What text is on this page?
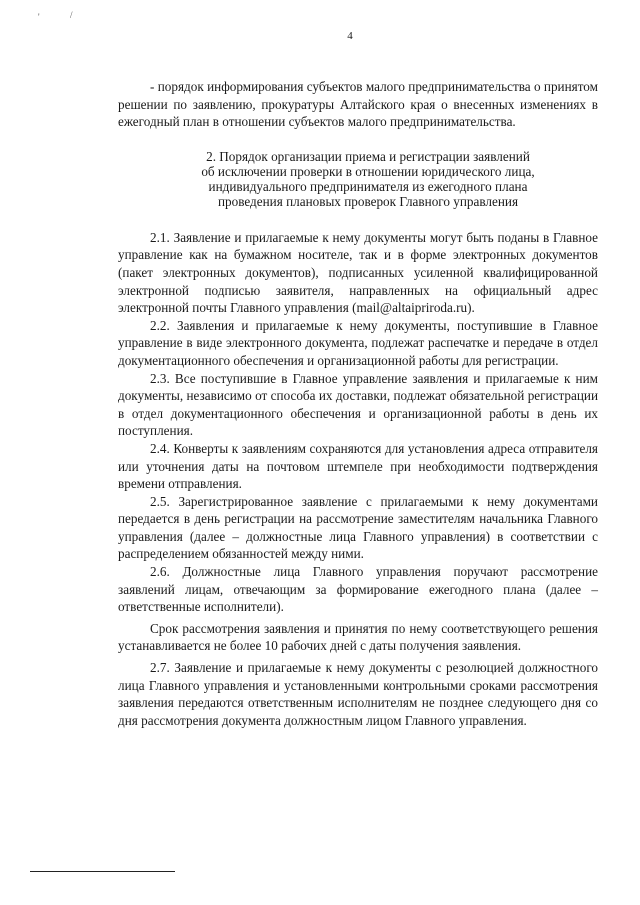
'	/
4

- порядок информирования субъектов малого предпринимательства о принятом решении по заявлению, прокуратуры Алтайского края о внесенных изменениях в ежегодный план в отношении субъектов малого предпринимательства.

2. Порядок организации приема и регистрации заявлений
об исключении проверки в отношении юридического лица,
индивидуального предпринимателя из ежегодного плана
проведения плановых проверок Главного управления

2.1. Заявление и прилагаемые к нему документы могут быть поданы в Главное управление как на бумажном носителе, так и в форме электронных документов (пакет электронных документов), подписанных усиленной квалифицированной электронной подписью заявителя, направленных на официальный адрес электронной почты Главного управления (mail@altaipriroda.ru).

2.2. Заявления и прилагаемые к нему документы, поступившие в Главное управление в виде электронного документа, подлежат распечатке и передаче в отдел документационного обеспечения и организационной работы для регистрации.

2.3. Все поступившие в Главное управление заявления и прилагаемые к ним документы, независимо от способа их доставки, подлежат обязательной регистрации в отдел документационного обеспечения и организационной работы в день их поступления.

2.4. Конверты к заявлениям сохраняются для установления адреса отправителя или уточнения даты на почтовом штемпеле при необходимости подтверждения времени отправления.

2.5. Зарегистрированное заявление с прилагаемыми к нему документами передается в день регистрации на рассмотрение заместителям начальника Главного управления (далее – должностные лица Главного управления) в соответствии с распределением обязанностей между ними.

2.6. Должностные лица Главного управления поручают рассмотрение заявлений лицам, отвечающим за формирование ежегодного плана (далее – ответственные исполнители).

Срок рассмотрения заявления и принятия по нему соответствующего решения устанавливается не более 10 рабочих дней с даты получения заявления.

2.7. Заявление и прилагаемые к нему документы с резолюцией должностного лица Главного управления и установленными контрольными сроками рассмотрения заявления передаются ответственным исполнителям не позднее следующего дня со дня рассмотрения документа должностным лицом Главного управления.
